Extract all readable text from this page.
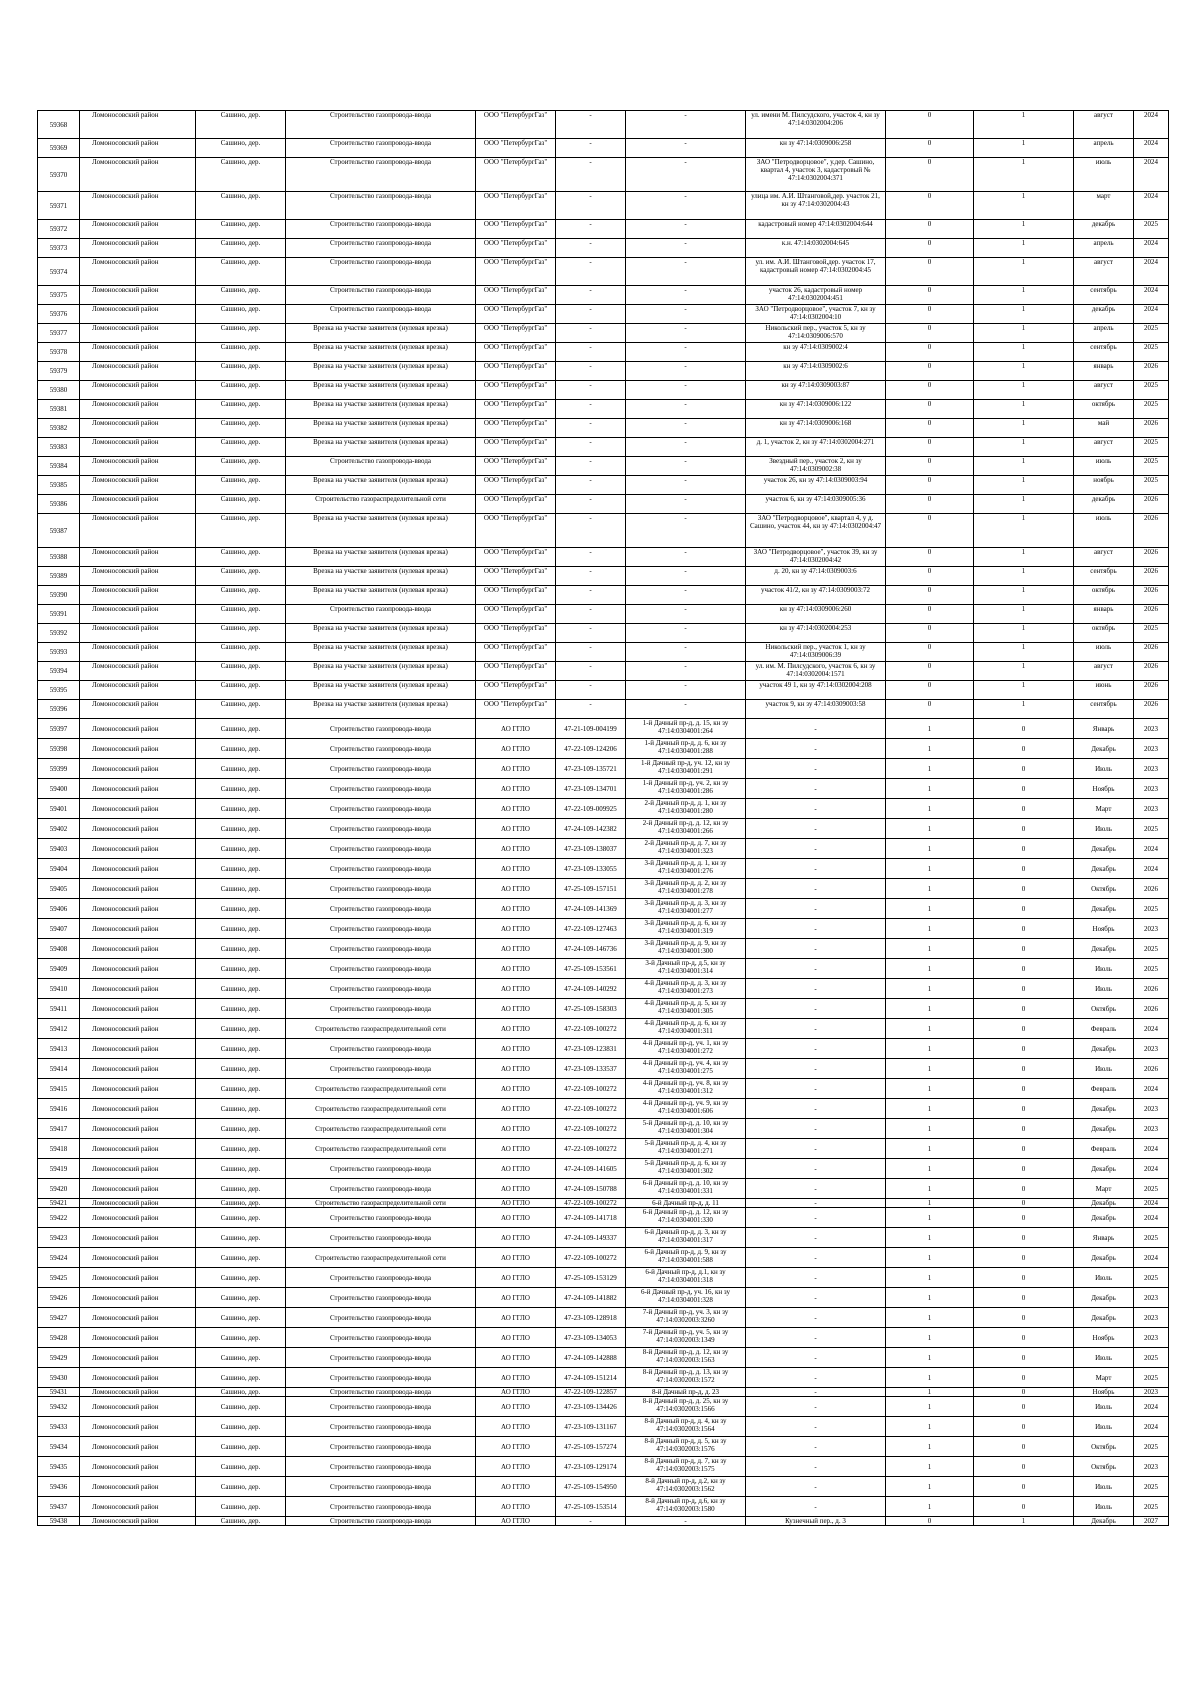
59368	Ломоносовский район	Сашино, дер.	Строительство газопровода-ввода	ООО "ПетербургГаз"	-	-	ул. имени М. Пилсудского, участок 4, кн зу 47:14:0302004:206	0	1	август	2024
59369	Ломоносовский район	Сашино, дер.	Строительство газопровода-ввода	ООО "ПетербургГаз"	-	-	кн зу 47:14:0309006:258	0	1	апрель	2024
59370	Ломоносовский район	Сашино, дер.	Строительство газопровода-ввода	ООО "ПетербургГаз"	-	-	ЗАО "Петродворцовое", у.дер. Сашино, квартал 4, участок 3, кадастровый № 47:14:0302004:371	0	1	июль	2024
59371	Ломоносовский район	Сашино, дер.	Строительство газопровода-ввода	ООО "ПетербургГаз"	-	-	улица им. А.И. Штанговой,дер. участок 21, кн зу 47:14:0302004:43	0	1	март	2024
59372	Ломоносовский район	Сашино, дер.	Строительство газопровода-ввода	ООО "ПетербургГаз"	-	-	кадастровый номер 47:14:0302004:644	0	1	декабрь	2025
59373	Ломоносовский район	Сашино, дер.	Строительство газопровода-ввода	ООО "ПетербургГаз"	-	-	к.н. 47:14:0302004:645	0	1	апрель	2024
59374	Ломоносовский район	Сашино, дер.	Строительство газопровода-ввода	ООО "ПетербургГаз"	-	-	ул. им. А.И. Штанговой,дер. участок 17, кадастровый номер 47:14:0302004:45	0	1	август	2024
59375	Ломоносовский район	Сашино, дер.	Строительство газопровода-ввода	ООО "ПетербургГаз"	-	-	участок 26, кадастровый номер 47:14:0302004:451	0	1	сентябрь	2024
59376	Ломоносовский район	Сашино, дер.	Строительство газопровода-ввода	ООО "ПетербургГаз"	-	-	ЗАО "Петродворцовое", участок 7, кн зу 47:14:0302004:10	0	1	декабрь	2024
59377	Ломоносовский район	Сашино, дер.	Врезка на участке заявителя (нулевая врезка)	ООО "ПетербургГаз"	-	-	Никольский пер., участок 5, кн зу 47:14:0309006:570	0	1	апрель	2025
59378	Ломоносовский район	Сашино, дер.	Врезка на участке заявителя (нулевая врезка)	ООО "ПетербургГаз"	-	-	кн зу 47:14:0309002:4	0	1	сентябрь	2025
59379	Ломоносовский район	Сашино, дер.	Врезка на участке заявителя (нулевая врезка)	ООО "ПетербургГаз"	-	-	кн зу 47:14:0309002:6	0	1	январь	2026
59380	Ломоносовский район	Сашино, дер.	Врезка на участке заявителя (нулевая врезка)	ООО "ПетербургГаз"	-	-	кн зу 47:14:0309003:87	0	1	август	2025
59381	Ломоносовский район	Сашино, дер.	Врезка на участке заявителя (нулевая врезка)	ООО "ПетербургГаз"	-	-	кн зу 47:14:0309006:122	0	1	октябрь	2025
59382	Ломоносовский район	Сашино, дер.	Врезка на участке заявителя (нулевая врезка)	ООО "ПетербургГаз"	-	-	кн зу 47:14:0309006:168	0	1	май	2026
59383	Ломоносовский район	Сашино, дер.	Врезка на участке заявителя (нулевая врезка)	ООО "ПетербургГаз"	-	-	д. 1, участок 2, кн зу 47:14:0302004:271	0	1	август	2025
59384	Ломоносовский район	Сашино, дер.	Строительство газопровода-ввода	ООО "ПетербургГаз"	-	-	Звездный пер., участок 2, кн зу 47:14:0309002:38	0	1	июль	2025
59385	Ломоносовский район	Сашино, дер.	Врезка на участке заявителя (нулевая врезка)	ООО "ПетербургГаз"	-	-	участок 26, кн зу 47:14:0309003:94	0	1	ноябрь	2025
59386	Ломоносовский район	Сашино, дер.	Строительство газораспределительной сети	ООО "ПетербургГаз"	-	-	участок 6, кн зу 47:14:0309005:36	0	1	декабрь	2026
59387	Ломоносовский район	Сашино, дер.	Врезка на участке заявителя (нулевая врезка)	ООО "ПетербургГаз"	-	-	ЗАО "Петродворцовое", квартал 4, у д. Сашино, участок 44, кн зу 47:14:0302004:47	0	1	июль	2026
59388	Ломоносовский район	Сашино, дер.	Врезка на участке заявителя (нулевая врезка)	ООО "ПетербургГаз"	-	-	ЗАО "Петродворцовое", участок 39, кн зу 47:14:0302004:42	0	1	август	2026
59389	Ломоносовский район	Сашино, дер.	Врезка на участке заявителя (нулевая врезка)	ООО "ПетербургГаз"	-	-	д. 20, кн зу 47:14:0309003:6	0	1	сентябрь	2026
59390	Ломоносовский район	Сашино, дер.	Врезка на участке заявителя (нулевая врезка)	ООО "ПетербургГаз"	-	-	участок 41/2, кн зу 47:14:0309003:72	0	1	октябрь	2026
59391	Ломоносовский район	Сашино, дер.	Строительство газопровода-ввода	ООО "ПетербургГаз"	-	-	кн зу 47:14:0309006:260	0	1	январь	2026
59392	Ломоносовский район	Сашино, дер.	Врезка на участке заявителя (нулевая врезка)	ООО "ПетербургГаз"	-	-	кн зу 47:14:0302004:253	0	1	октябрь	2025
59393	Ломоносовский район	Сашино, дер.	Врезка на участке заявителя (нулевая врезка)	ООО "ПетербургГаз"	-	-	Никольский пер., участок 1, кн зу 47:14:0309006:39	0	1	июль	2026
59394	Ломоносовский район	Сашино, дер.	Врезка на участке заявителя (нулевая врезка)	ООО "ПетербургГаз"	-	-	ул. им. М. Пилсудского, участок 6, кн зу 47:14:0302004:1571	0	1	август	2026
59395	Ломоносовский район	Сашино, дер.	Врезка на участке заявителя (нулевая врезка)	ООО "ПетербургГаз"	-	-	участок 49 1, кн зу 47:14:0302004:208	0	1	июнь	2026
59396	Ломоносовский район	Сашино, дер.	Врезка на участке заявителя (нулевая врезка)	ООО "ПетербургГаз"	-	-	участок 9, кн зу 47:14:0309003:58	0	1	сентябрь	2026
59397	Ломоносовский район	Сашино, дер.	Строительство газопровода-ввода	АО ГГЛО	47-21-109-004199	1-й Дачный пр-д, д. 15, кн зу 47:14:0304001:264	-	1	0	Январь	2023
59398	Ломоносовский район	Сашино, дер.	Строительство газопровода-ввода	АО ГГЛО	47-22-109-124206	1-й Дачный пр-д, д. 6, кн зу 47:14:0304001:288	-	1	0	Декабрь	2023
59399	Ломоносовский район	Сашино, дер.	Строительство газопровода-ввода	АО ГГЛО	47-23-109-135721	1-й Дачный пр-д, уч. 12, кн зу 47:14:0304001:291	-	1	0	Июль	2023
59400	Ломоносовский район	Сашино, дер.	Строительство газопровода-ввода	АО ГГЛО	47-23-109-134701	1-й Дачный пр-д, уч. 2, кн зу 47:14:0304001:286	-	1	0	Ноябрь	2023
59401	Ломоносовский район	Сашино, дер.	Строительство газопровода-ввода	АО ГГЛО	47-22-109-009925	2-й Дачный пр-д, д. 1, кн зу 47:14:0304001:280	-	1	0	Март	2023
59402	Ломоносовский район	Сашино, дер.	Строительство газопровода-ввода	АО ГГЛО	47-24-109-142382	2-й Дачный пр-д, д. 12, кн зу 47:14:0304001:266	-	1	0	Июль	2025
59403	Ломоносовский район	Сашино, дер.	Строительство газопровода-ввода	АО ГГЛО	47-23-109-138037	2-й Дачный пр-д, д. 7, кн зу 47:14:0304001:323	-	1	0	Декабрь	2024
59404	Ломоносовский район	Сашино, дер.	Строительство газопровода-ввода	АО ГГЛО	47-23-109-133055	3-й Дачный пр-д, д. 1, кн зу 47:14:0304001:276	-	1	0	Декабрь	2024
59405	Ломоносовский район	Сашино, дер.	Строительство газопровода-ввода	АО ГГЛО	47-25-109-157151	3-й Дачный пр-д, д. 2, кн зу 47:14:0304001:278	-	1	0	Октябрь	2026
59406	Ломоносовский район	Сашино, дер.	Строительство газопровода-ввода	АО ГГЛО	47-24-109-141369	3-й Дачный пр-д, д. 3, кн зу 47:14:0304001:277	-	1	0	Декабрь	2025
59407	Ломоносовский район	Сашино, дер.	Строительство газопровода-ввода	АО ГГЛО	47-22-109-127463	3-й Дачный пр-д, д. 6, кн зу 47:14:0304001:319	-	1	0	Ноябрь	2023
59408	Ломоносовский район	Сашино, дер.	Строительство газопровода-ввода	АО ГГЛО	47-24-109-146736	3-й Дачный пр-д, д. 9, кн зу 47:14:0304001:300	-	1	0	Декабрь	2025
59409	Ломоносовский район	Сашино, дер.	Строительство газопровода-ввода	АО ГГЛО	47-25-109-153561	3-й Дачный пр-д, д.5, кн зу 47:14:0304001:314	-	1	0	Июль	2025
59410	Ломоносовский район	Сашино, дер.	Строительство газопровода-ввода	АО ГГЛО	47-24-109-140292	4-й Дачный пр-д, д. 3, кн зу 47:14:0304001:273	-	1	0	Июль	2026
59411	Ломоносовский район	Сашино, дер.	Строительство газопровода-ввода	АО ГГЛО	47-25-109-158303	4-й Дачный пр-д, д. 5, кн зу 47:14:0304001:305	-	1	0	Октябрь	2026
59412	Ломоносовский район	Сашино, дер.	Строительство газораспределительной сети	АО ГГЛО	47-22-109-100272	4-й Дачный пр-д, д. 6, кн зу 47:14:0304001:311	-	1	0	Февраль	2024
59413	Ломоносовский район	Сашино, дер.	Строительство газопровода-ввода	АО ГГЛО	47-23-109-123831	4-й Дачный пр-д, уч. 1, кн зу 47:14:0304001:272	-	1	0	Декабрь	2023
59414	Ломоносовский район	Сашино, дер.	Строительство газопровода-ввода	АО ГГЛО	47-23-109-133537	4-й Дачный пр-д, уч. 4, кн зу 47:14:0304001:275	-	1	0	Июль	2026
59415	Ломоносовский район	Сашино, дер.	Строительство газораспределительной сети	АО ГГЛО	47-22-109-100272	4-й Дачный пр-д, уч. 8, кн зу 47:14:0304001:312	-	1	0	Февраль	2024
59416	Ломоносовский район	Сашино, дер.	Строительство газораспределительной сети	АО ГГЛО	47-22-109-100272	4-й Дачный пр-д, уч. 9, кн зу 47:14:0304001:606	-	1	0	Декабрь	2023
59417	Ломоносовский район	Сашино, дер.	Строительство газораспределительной сети	АО ГГЛО	47-22-109-100272	5-й Дачный пр-д, д. 10, кн зу 47:14:0304001:304	-	1	0	Декабрь	2023
59418	Ломоносовский район	Сашино, дер.	Строительство газораспределительной сети	АО ГГЛО	47-22-109-100272	5-й Дачный пр-д, д. 4, кн зу 47:14:0304001:271	-	1	0	Февраль	2024
59419	Ломоносовский район	Сашино, дер.	Строительство газопровода-ввода	АО ГГЛО	47-24-109-141605	5-й Дачный пр-д, д. 6, кн зу 47:14:0304001:302	-	1	0	Декабрь	2024
59420	Ломоносовский район	Сашино, дер.	Строительство газопровода-ввода	АО ГГЛО	47-24-109-150788	6-й Дачный пр-д, д. 10, кн зу 47:14:0304001:331	-	1	0	Март	2025
59421	Ломоносовский район	Сашино, дер.	Строительство газораспределительной сети	АО ГГЛО	47-22-109-100272	6-й Дачный пр-д, д. 11	-	1	0	Декабрь	2024
59422	Ломоносовский район	Сашино, дер.	Строительство газопровода-ввода	АО ГГЛО	47-24-109-141718	6-й Дачный пр-д, д. 12, кн зу 47:14:0304001:330	-	1	0	Декабрь	2024
59423	Ломоносовский район	Сашино, дер.	Строительство газопровода-ввода	АО ГГЛО	47-24-109-149337	6-й Дачный пр-д, д. 3, кн зу 47:14:0304001:317	-	1	0	Январь	2025
59424	Ломоносовский район	Сашино, дер.	Строительство газораспределительной сети	АО ГГЛО	47-22-109-100272	6-й Дачный пр-д, д. 9, кн зу 47:14:0304001:588	-	1	0	Декабрь	2024
59425	Ломоносовский район	Сашино, дер.	Строительство газопровода-ввода	АО ГГЛО	47-25-109-153129	6-й Дачный пр-д, д.1, кн зу 47:14:0304001:318	-	1	0	Июль	2025
59426	Ломоносовский район	Сашино, дер.	Строительство газопровода-ввода	АО ГГЛО	47-24-109-141882	6-й Дачный пр-д, уч. 16, кн зу 47:14:0304001:328	-	1	0	Декабрь	2023
59427	Ломоносовский район	Сашино, дер.	Строительство газопровода-ввода	АО ГГЛО	47-23-109-128918	7-й Дачный пр-д, уч. 3, кн зу 47:14:0302003:3260	-	1	0	Декабрь	2023
59428	Ломоносовский район	Сашино, дер.	Строительство газопровода-ввода	АО ГГЛО	47-23-109-134053	7-й Дачный пр-д, уч. 5, кн зу 47:14:0302003:1349	-	1	0	Ноябрь	2023
59429	Ломоносовский район	Сашино, дер.	Строительство газопровода-ввода	АО ГГЛО	47-24-109-142888	8-й Дачный пр-д, д. 12, кн зу 47:14:0302003:1563	-	1	0	Июль	2025
59430	Ломоносовский район	Сашино, дер.	Строительство газопровода-ввода	АО ГГЛО	47-24-109-151214	8-й Дачный пр-д, д. 13, кн зу 47:14:0302003:1572	-	1	0	Март	2025
59431	Ломоносовский район	Сашино, дер.	Строительство газопровода-ввода	АО ГГЛО	47-22-109-122857	8-й Дачный пр-д, д. 23	-	1	0	Ноябрь	2023
59432	Ломоносовский район	Сашино, дер.	Строительство газопровода-ввода	АО ГГЛО	47-23-109-134426	8-й Дачный пр-д, д. 25, кн зу 47:14:0302003:1566	-	1	0	Июль	2024
59433	Ломоносовский район	Сашино, дер.	Строительство газопровода-ввода	АО ГГЛО	47-23-109-131167	8-й Дачный пр-д, д. 4, кн зу 47:14:0302003:1564	-	1	0	Июль	2024
59434	Ломоносовский район	Сашино, дер.	Строительство газопровода-ввода	АО ГГЛО	47-25-109-157274	8-й Дачный пр-д, д. 5, кн зу 47:14:0302003:1576	-	1	0	Октябрь	2025
59435	Ломоносовский район	Сашино, дер.	Строительство газопровода-ввода	АО ГГЛО	47-23-109-129174	8-й Дачный пр-д, д. 7, кн зу 47:14:0302003:1575	-	1	0	Октябрь	2023
59436	Ломоносовский район	Сашино, дер.	Строительство газопровода-ввода	АО ГГЛО	47-25-109-154950	8-й Дачный пр-д, д.2, кн зу 47:14:0302003:1562	-	1	0	Июль	2025
59437	Ломоносовский район	Сашино, дер.	Строительство газопровода-ввода	АО ГГЛО	47-25-109-153514	8-й Дачный пр-д, д.6, кн зу 47:14:0302003:1580	-	1	0	Июль	2025
59438	Ломоносовский район	Сашино, дер.	Строительство газопровода-ввода	АО ГГЛО	-	-	Кузнечный пер., д. 3	0	1	Декабрь	2027
